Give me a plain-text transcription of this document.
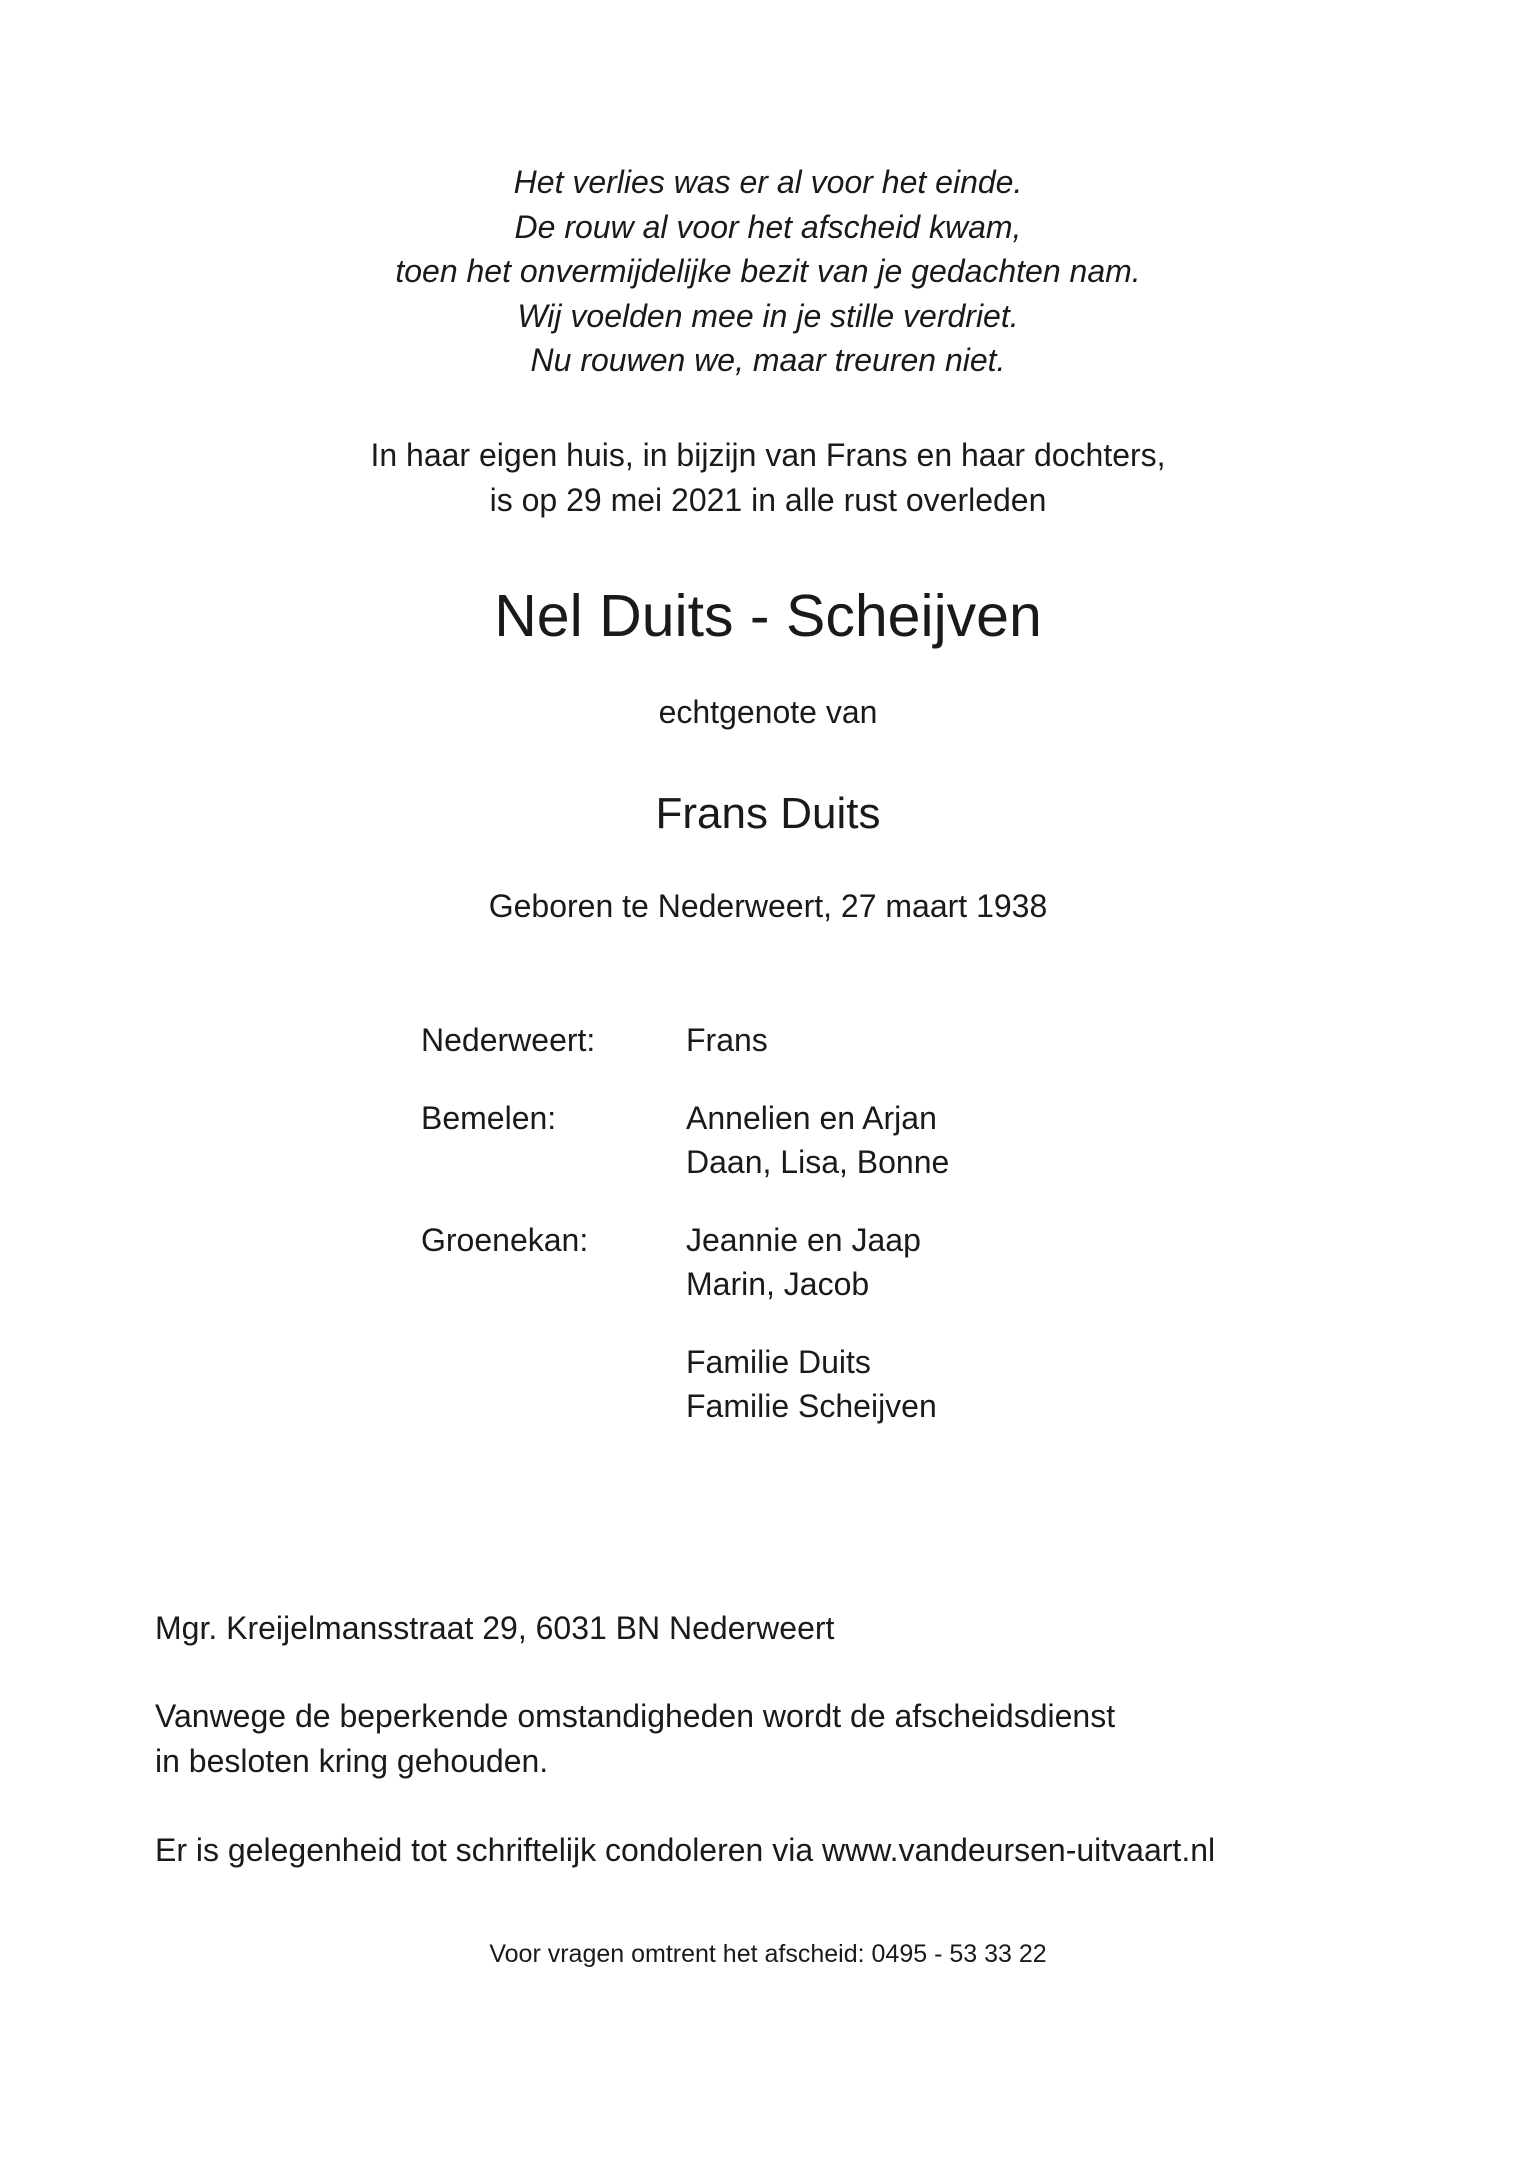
Het verlies was er al voor het einde.
De rouw al voor het afscheid kwam,
toen het onvermijdelijke bezit van je gedachten nam.
Wij voelden mee in je stille verdriet.
Nu rouwen we, maar treuren niet.
In haar eigen huis, in bijzijn van Frans en haar dochters,
is op 29 mei 2021 in alle rust overleden
Nel Duits - Scheijven
echtgenote van
Frans Duits
Geboren te Nederweert, 27 maart 1938
Nederweert:	Frans
Bemelen:	Annelien en Arjan
Daan, Lisa, Bonne
Groenekan:	Jeannie en Jaap
Marin, Jacob
Familie Duits
Familie Scheijven
Mgr. Kreijelmansstraat 29, 6031 BN Nederweert
Vanwege de beperkende omstandigheden wordt de afscheidsdienst
in besloten kring gehouden.
Er is gelegenheid tot schriftelijk condoleren via www.vandeursen-uitvaart.nl
Voor vragen omtrent het afscheid: 0495 - 53 33 22
